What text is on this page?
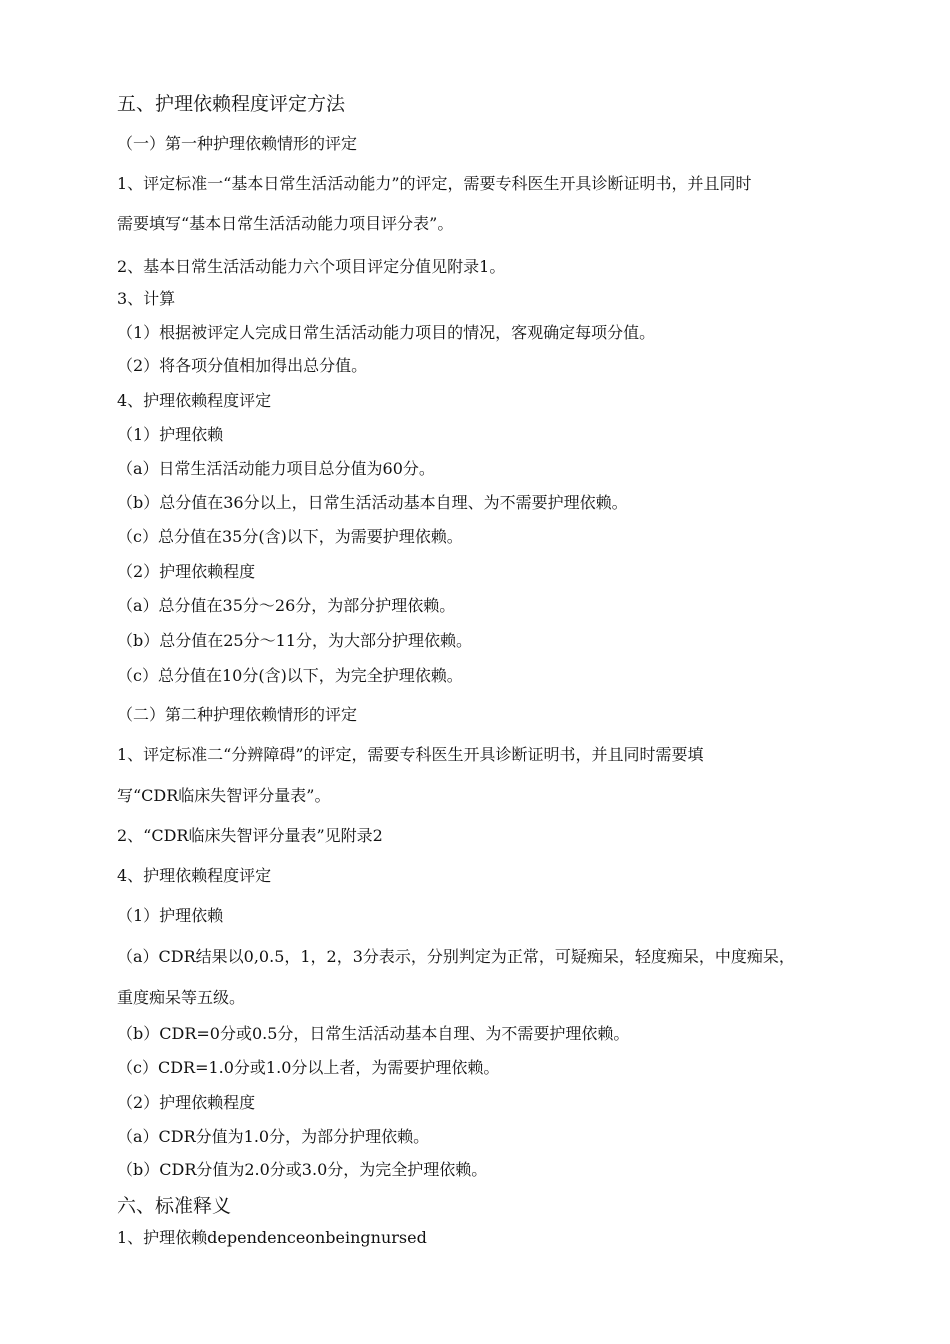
五、护理依赖程度评定方法
（一）第一种护理依赖情形的评定
1、评定标准一“基本日常生活活动能力”的评定，需要专科医生开具诊断证明书，并且同时
需要填写“基本日常生活活动能力项目评分表”。
2、基本日常生活活动能力六个项目评定分值见附录1。
3、计算
（1）根据被评定人完成日常生活活动能力项目的情况，客观确定每项分值。
（2）将各项分值相加得出总分值。
4、护理依赖程度评定
（1）护理依赖
（a）日常生活活动能力项目总分值为60分。
（b）总分值在36分以上，日常生活活动基本自理、为不需要护理依赖。
（c）总分值在35分(含)以下，为需要护理依赖。
（2）护理依赖程度
（a）总分值在35分～26分，为部分护理依赖。
（b）总分值在25分～11分，为大部分护理依赖。
（c）总分值在10分(含)以下，为完全护理依赖。
（二）第二种护理依赖情形的评定
1、评定标准二“分辨障碍”的评定，需要专科医生开具诊断证明书，并且同时需要填
写“CDR临床失智评分量表”。
2、“CDR临床失智评分量表”见附录2
4、护理依赖程度评定
（1）护理依赖
（a）CDR结果以0,0.5，1，2，3分表示，分别判定为正常，可疑痴呆，轻度痴呆，中度痴呆，
重度痴呆等五级。
（b）CDR=0分或0.5分，日常生活活动基本自理、为不需要护理依赖。
（c）CDR=1.0分或1.0分以上者，为需要护理依赖。
（2）护理依赖程度
（a）CDR分值为1.0分，为部分护理依赖。
（b）CDR分值为2.0分或3.0分，为完全护理依赖。
六、标准释义
1、护理依赖dependenceonbeingnursed
